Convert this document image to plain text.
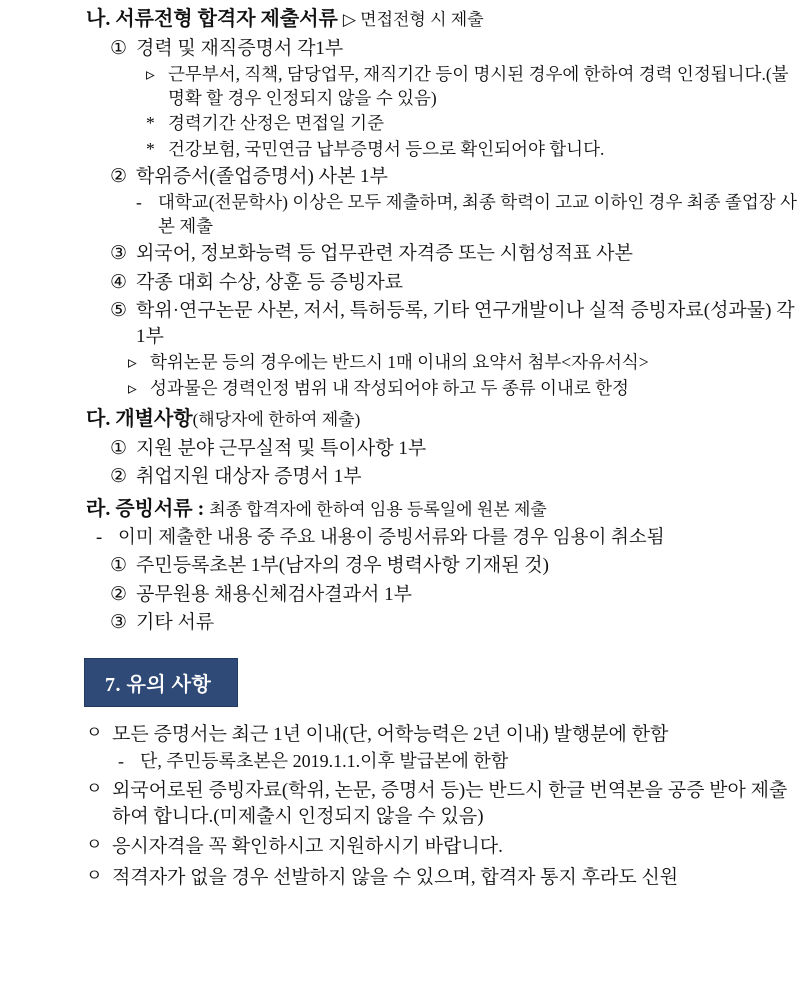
나. 서류전형 합격자 제출서류 ▷ 면접전형 시 제출
① 경력 및 재직증명서 각1부
▹ 근무부서, 직책, 담당업무, 재직기간 등이 명시된 경우에 한하여 경력 인정됩니다.(불명확 할 경우 인정되지 않을 수 있음)
* 경력기간 산정은 면접일 기준
* 건강보험, 국민연금 납부증명서 등으로 확인되어야 합니다.
② 학위증서(졸업증명서) 사본 1부
- 대학교(전문학사) 이상은 모두 제출하며, 최종 학력이 고교 이하인 경우 최종 졸업장 사본 제출
③ 외국어, 정보화능력 등 업무관련 자격증 또는 시험성적표 사본
④ 각종 대회 수상, 상훈 등 증빙자료
⑤ 학위·연구논문 사본, 저서, 특허등록, 기타 연구개발이나 실적 증빙자료(성과물) 각 1부
▹ 학위논문 등의 경우에는 반드시 1매 이내의 요약서 첨부<자유서식>
▹ 성과물은 경력인정 범위 내 작성되어야 하고 두 종류 이내로 한정
다. 개별사항(해당자에 한하여 제출)
① 지원 분야 근무실적 및 특이사항 1부
② 취업지원 대상자 증명서 1부
라. 증빙서류 : 최종 합격자에 한하여 임용 등록일에 원본 제출
- 이미 제출한 내용 중 주요 내용이 증빙서류와 다를 경우 임용이 취소됨
① 주민등록초본 1부(남자의 경우 병력사항 기재된 것)
② 공무원용 채용신체검사결과서 1부
③ 기타 서류
7. 유의 사항
ㅇ 모든 증명서는 최근 1년 이내(단, 어학능력은 2년 이내) 발행분에 한함
- 단, 주민등록초본은 2019.1.1.이후 발급본에 한함
ㅇ 외국어로된 증빙자료(학위, 논문, 증명서 등)는 반드시 한글 번역본을 공증 받아 제출하여 합니다.(미제출시 인정되지 않을 수 있음)
ㅇ 응시자격을 꼭 확인하시고 지원하시기 바랍니다.
ㅇ 적격자가 없을 경우 선발하지 않을 수 있으며, 합격자 통지 후라도 신원
